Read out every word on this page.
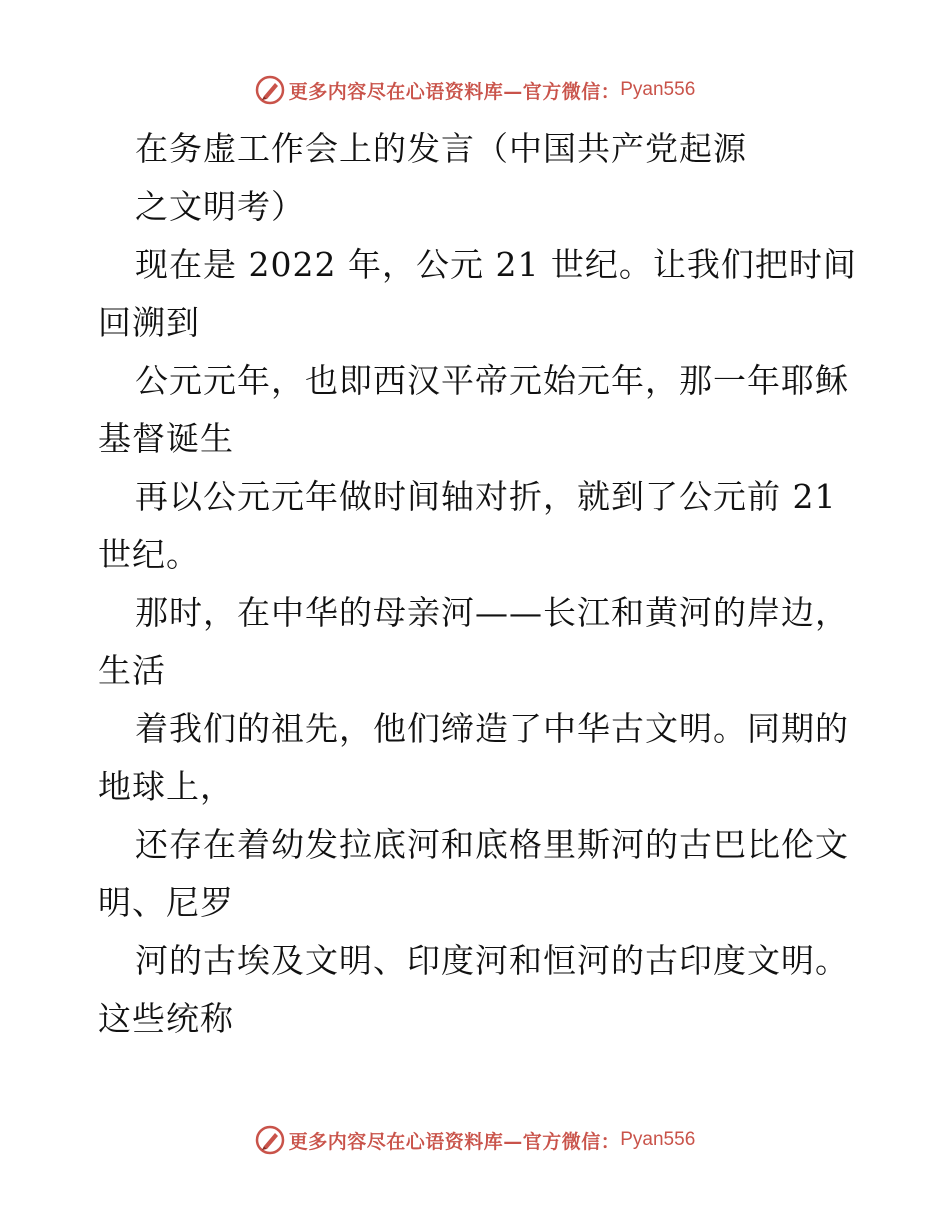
更多内容尽在心语资料库—官方微信： Pyan556
在务虚工作会上的发言（中国共产党起源
之文明考）
现在是 2022 年，公元 21 世纪。让我们把时间
回溯到
公元元年，也即西汉平帝元始元年，那一年耶稣
基督诞生
再以公元元年做时间轴对折，就到了公元前 21
世纪。
那时，在中华的母亲河——长江和黄河的岸边，
生活
着我们的祖先，他们缔造了中华古文明。同期的
地球上，
还存在着幼发拉底河和底格里斯河的古巴比伦文
明、尼罗
河的古埃及文明、印度河和恒河的古印度文明。
这些统称
更多内容尽在心语资料库—官方微信： Pyan556
